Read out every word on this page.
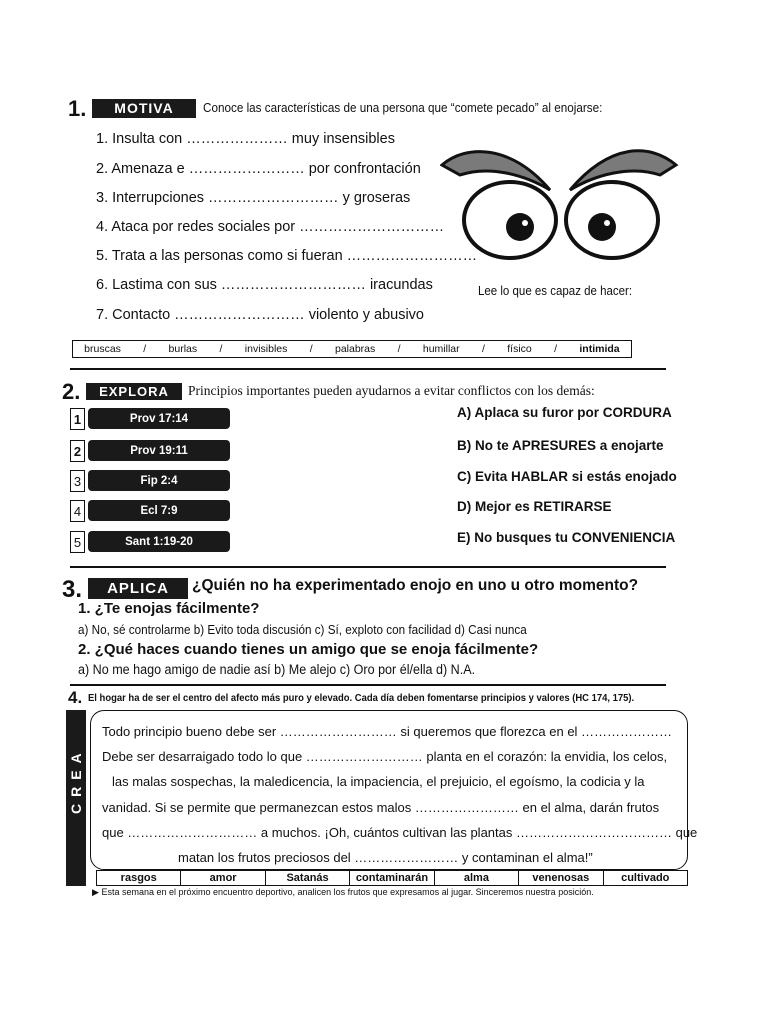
1.	MOTIVA	Conoce las características de una persona que “comete pecado” al enojarse:
1. Insulta con ………………… muy insensibles
2. Amenaza e …………………… por confrontación
3. Interrupciones ……………………… y groseras
4. Ataca por redes sociales por …………………………
5. Trata a las personas como si fueran ………………………
6. Lastima con sus ………………………… iracundas
7. Contacto ……………………… violento y abusivo
Lee lo que es capaz de hacer:
bruscas / burlas / invisibles / palabras / humillar / físico / intimida
2.	EXPLORA	Principios importantes pueden ayudarnos a evitar conflictos con los demás:
1	Prov 17:14
2	Prov 19:11
3	Fip 2:4
4	Ecl 7:9
5	Sant 1:19-20
A) Aplaca su furor por CORDURA
B) No te APRESURES a enojarte
C) Evita HABLAR si estás enojado
D) Mejor es RETIRARSE
E) No busques tu CONVENIENCIA
3.	APLICA	¿Quién no ha experimentado enojo en uno u otro momento?
1. ¿Te enojas fácilmente?
a) No, sé controlarme b) Evito toda discusión c) Sí, exploto con facilidad d) Casi nunca
2. ¿Qué haces cuando tienes un amigo que se enoja fácilmente?
a) No me hago amigo de nadie así b) Me alejo c) Oro por él/ella d) N.A.
4. El hogar ha de ser el centro del afecto más puro y elevado. Cada día deben fomentarse principios y valores (HC 174, 175).
CREA
Todo principio bueno debe ser ……………………… si queremos que florezca en el …………………
Debe ser desarraigado todo lo que ……………………… planta en el corazón: la envidia, los celos,
las malas sospechas, la maledicencia, la impaciencia, el prejuicio, el egoísmo, la codicia y la
vanidad. Si se permite que permanezcan estos malos …………………… en el alma, darán frutos
que ………………………… a muchos. ¡Oh, cuántos cultivan las plantas ……………………………… que
matan los frutos preciosos del …………………… y contaminan el alma!”
rasgos	amor	Satanás	contaminarán	alma	venenosas	cultivado
▶ Esta semana en el próximo encuentro deportivo, analicen los frutos que expresamos al jugar. Sinceremos nuestra posición.
